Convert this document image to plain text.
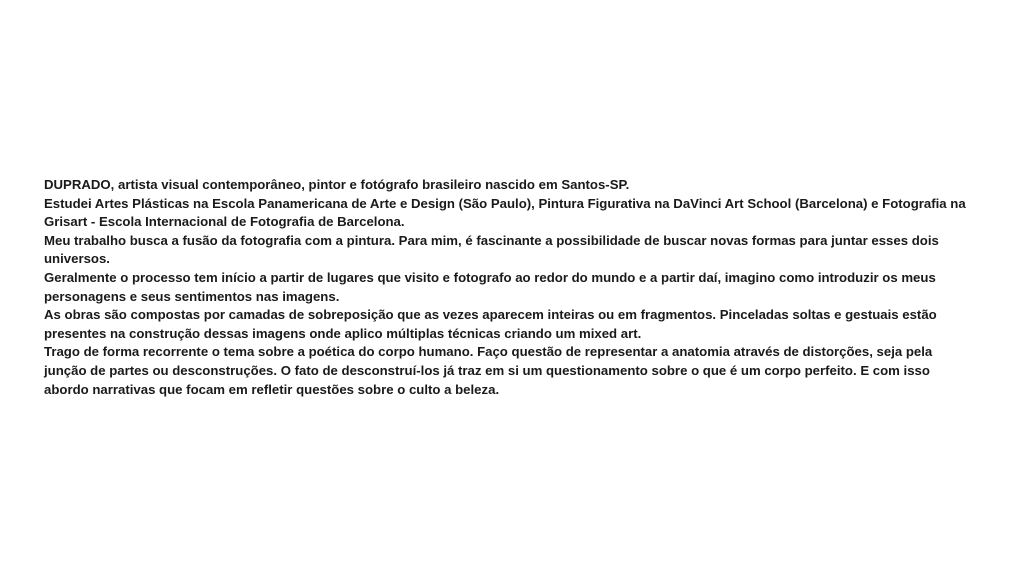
DUPRADO, artista visual contemporâneo, pintor e fotógrafo brasileiro nascido em Santos-SP.

Estudei Artes Plásticas na Escola Panamericana de Arte e Design (São Paulo), Pintura Figurativa na DaVinci Art School (Barcelona) e Fotografia na Grisart - Escola Internacional de Fotografia de Barcelona.

Meu trabalho busca a fusão da fotografia com a pintura. Para mim, é fascinante a possibilidade de buscar novas formas para juntar esses dois universos.

Geralmente o processo tem início a partir de lugares que visito e fotografo ao redor do mundo e a partir daí, imagino como introduzir os meus personagens e seus sentimentos nas imagens.

As obras são compostas por camadas de sobreposição que as vezes aparecem inteiras ou em fragmentos. Pinceladas soltas e gestuais estão presentes na construção dessas imagens onde aplico múltiplas técnicas criando um mixed art.

Trago de forma recorrente o tema sobre a poética do corpo humano. Faço questão de representar a anatomia através de distorções, seja pela junção de partes ou desconstruções. O fato de desconstruí-los já traz em si um questionamento sobre o que é um corpo perfeito. E com isso abordo narrativas que focam em refletir questões sobre o culto a beleza.
